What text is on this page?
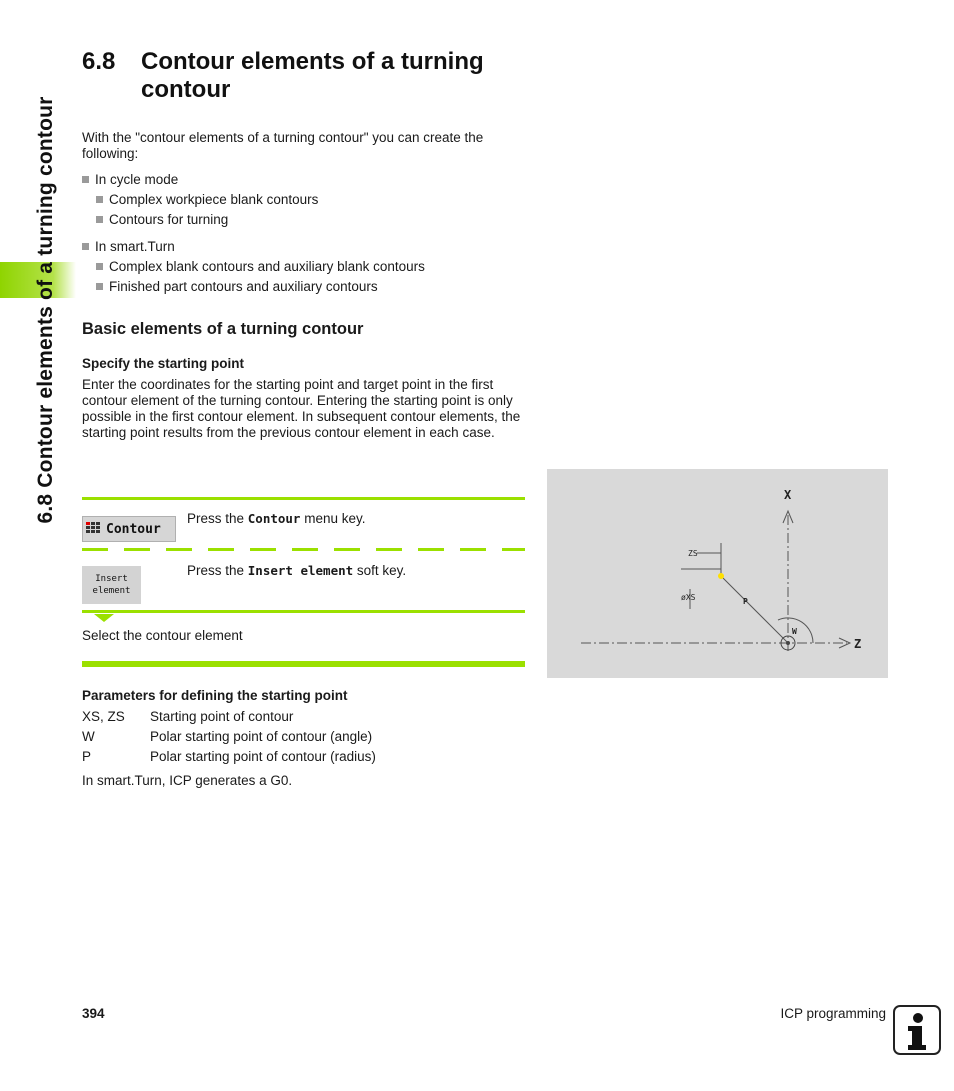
6.8 Contour elements of a turning contour
6.8	Contour elements of a turning contour

With the "contour elements of a turning contour" you can create the following:

In cycle mode
Complex workpiece blank contours
Contours for turning
In smart.Turn
Complex blank contours and auxiliary blank contours
Finished part contours and auxiliary contours
Basic elements of a turning contour
Specify the starting point

Enter the coordinates for the starting point and target point in the first contour element of the turning contour. Entering the starting point is only possible in the first contour element. In subsequent contour elements, the starting point results from the previous contour element in each case.

Contour
Press the Contour menu key.
Insert
element
Press the Insert element soft key.
Select the contour element
Parameters for defining the starting point
XS, ZS	Starting point of contour
W	Polar starting point of contour (angle)
P	Polar starting point of contour (radius)

In smart.Turn, ICP generates a G0.

X
Z
ZS
øXS	P
W
394	ICP programming
